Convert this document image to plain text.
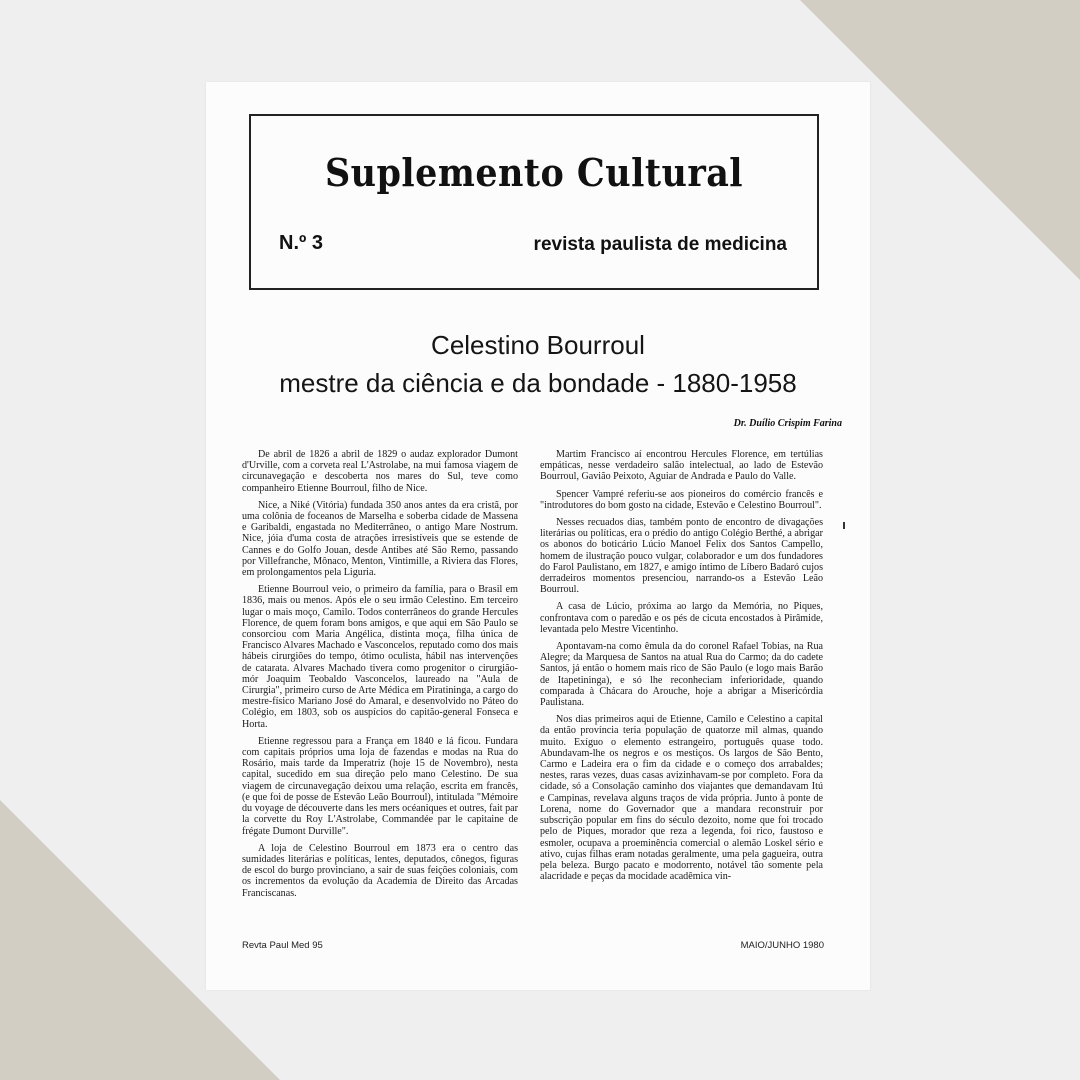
Suplemento Cultural
N.º 3	revista paulista de medicina
Celestino Bourroul
mestre da ciência e da bondade - 1880-1958
Dr. Duílio Crispim Farina

De abril de 1826 a abril de 1829 o audaz explorador Dumont d'Urville, com a corveta real L'Astrolabe, na mui famosa viagem de circunavegação e descoberta nos mares do Sul, teve como companheiro Etienne Bourroul, filho de Nice.

Nice, a Niké (Vitória) fundada 350 anos antes da era cristã, por uma colônia de foceanos de Marselha e soberba cidade de Massena e Garibaldi, engastada no Mediterrâneo, o antigo Mare Nostrum. Nice, jóia d'uma costa de atrações irresistíveis que se estende de Cannes e do Golfo Jouan, desde Antibes até São Remo, passando por Villefranche, Mônaco, Menton, Vintimille, a Riviera das Flores, em prolongamentos pela Liguria.

Etienne Bourroul veio, o primeiro da família, para o Brasil em 1836, mais ou menos. Após ele o seu irmão Celestino. Em terceiro lugar o mais moço, Camilo. Todos conterrâneos do grande Hercules Florence, de quem foram bons amigos, e que aqui em São Paulo se consorciou com Maria Angélica, distinta moça, filha única de Francisco Alvares Machado e Vasconcelos, reputado como dos mais hábeis cirurgiões do tempo, ótimo oculista, hábil nas intervenções de catarata. Alvares Machado tivera como progenitor o cirurgião-mór Joaquim Teobaldo Vasconcelos, laureado na "Aula de Cirurgia", primeiro curso de Arte Médica em Piratininga, a cargo do mestre-físico Mariano José do Amaral, e desenvolvido no Páteo do Colégio, em 1803, sob os auspícios do capitão-general Fonseca e Horta.

Etienne regressou para a França em 1840 e lá ficou. Fundara com capitais próprios uma loja de fazendas e modas na Rua do Rosário, mais tarde da Imperatriz (hoje 15 de Novembro), nesta capital, sucedido em sua direção pelo mano Celestino. De sua viagem de circunavegação deixou uma relação, escrita em francês, (e que foi de posse de Estevão Leão Bourroul), intitulada "Mémoire du voyage de découverte dans les mers océaniques et outres, fait par la corvette du Roy L'Astrolabe, Commandée par le capitaine de frégate Dumont Durville".

A loja de Celestino Bourroul em 1873 era o centro das sumidades literárias e políticas, lentes, deputados, cônegos, figuras de escol do burgo provinciano, a sair de suas feições coloniais, com os incrementos da evolução da Academia de Direito das Arcadas Franciscanas.

Martim Francisco aí encontrou Hercules Florence, em tertúlias empáticas, nesse verdadeiro salão intelectual, ao lado de Estevão Bourroul, Gavião Peixoto, Aguiar de Andrada e Paulo do Valle.

Spencer Vampré referiu-se aos pioneiros do comércio francês e "introdutores do bom gosto na cidade, Estevão e Celestino Bourroul".

Nesses recuados dias, também ponto de encontro de divagações literárias ou políticas, era o prédio do antigo Colégio Berthé, a abrigar os abonos do boticário Lúcio Manoel Felix dos Santos Campello, homem de ilustração pouco vulgar, colaborador e um dos fundadores do Farol Paulistano, em 1827, e amigo íntimo de Líbero Badaró cujos derradeiros momentos presenciou, narrando-os a Estevão Leão Bourroul.

A casa de Lúcio, próxima ao largo da Memória, no Piques, confrontava com o paredão e os pés de cicuta encostados à Pirâmide, levantada pelo Mestre Vicentinho.

Apontavam-na como êmula da do coronel Rafael Tobias, na Rua Alegre; da Marquesa de Santos na atual Rua do Carmo; da do cadete Santos, já então o homem mais rico de São Paulo (e logo mais Barão de Itapetininga), e só lhe reconheciam inferioridade, quando comparada à Chácara do Arouche, hoje a abrigar a Misericórdia Paulistana.

Nos dias primeiros aqui de Etienne, Camilo e Celestino a capital da então província teria população de quatorze mil almas, quando muito. Exíguo o elemento estrangeiro, português quase todo. Abundavam-lhe os negros e os mestiços. Os largos de São Bento, Carmo e Ladeira era o fim da cidade e o começo dos arrabaldes; nestes, raras vezes, duas casas avizinhavam-se por completo. Fora da cidade, só a Consolação caminho dos viajantes que demandavam Itú e Campinas, revelava alguns traços de vida própria. Junto à ponte de Lorena, nome do Governador que a mandara reconstruir por subscrição popular em fins do século dezoito, nome que foi trocado pelo de Piques, morador que reza a legenda, foi rico, faustoso e esmoler, ocupava a proeminência comercial o alemão Loskel sério e ativo, cujas filhas eram notadas geralmente, uma pela gagueira, outra pela beleza. Burgo pacato e modorrento, notável tão somente pela alacridade e peças da mocidade acadêmica vin-

Revta Paul Med 95	MAIO/JUNHO 1980
